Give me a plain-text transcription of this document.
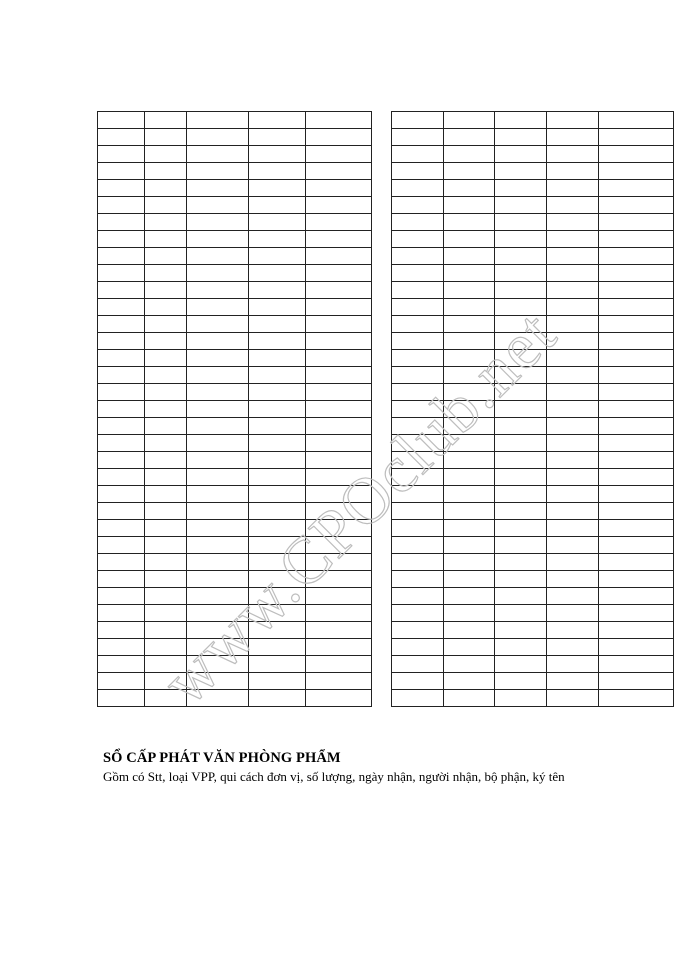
www.CPOclub.net
SỔ CẤP PHÁT VĂN PHÒNG PHẨM
Gồm có Stt, loại VPP, qui cách đơn vị, số lượng, ngày nhận, người nhận, bộ phận, ký tên
